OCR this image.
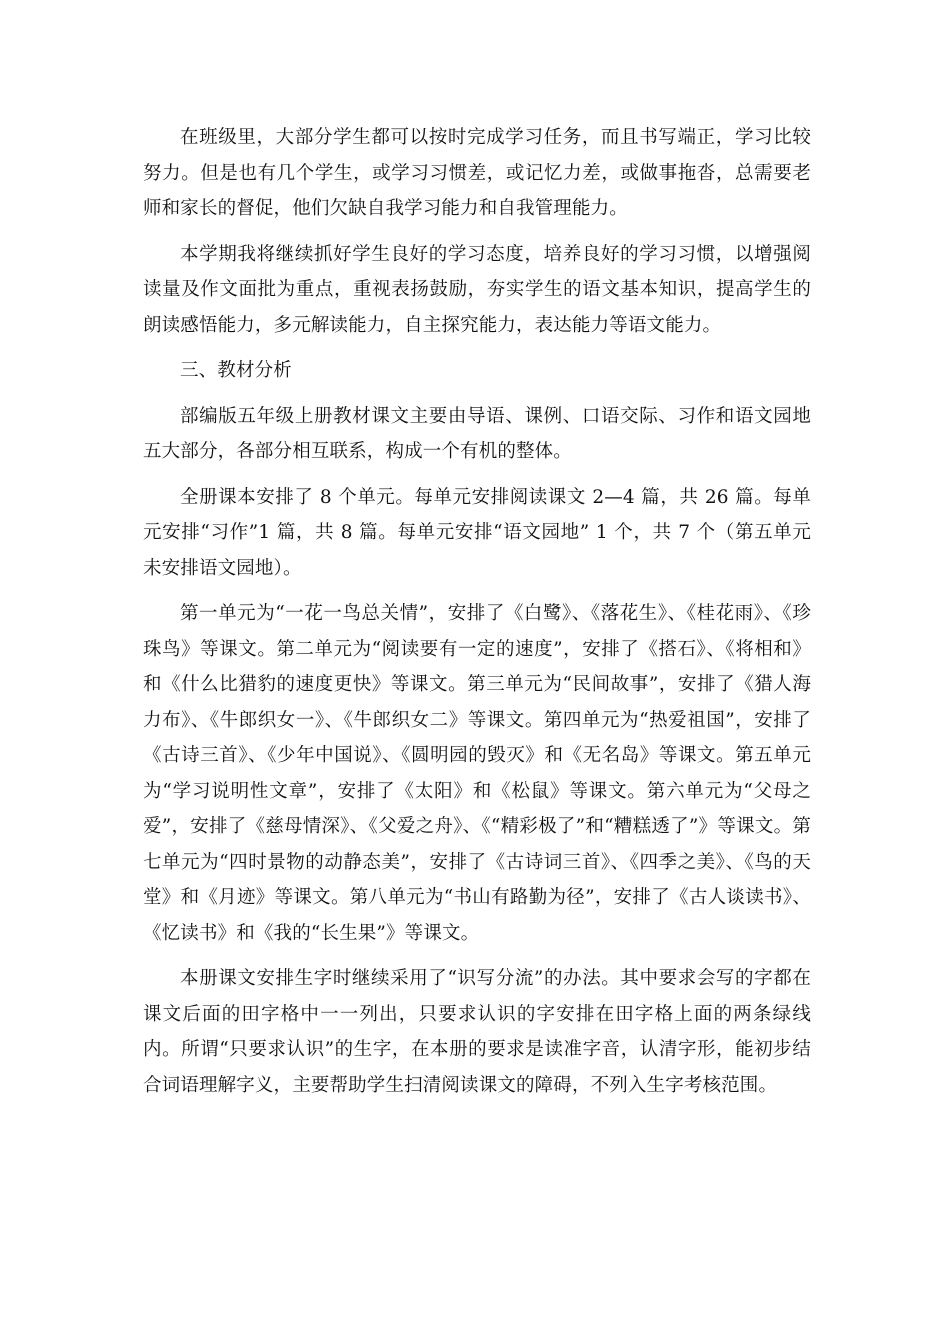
在班级里，大部分学生都可以按时完成学习任务，而且书写端正，学习比较努力。但是也有几个学生，或学习习惯差，或记忆力差，或做事拖沓，总需要老师和家长的督促，他们欠缺自我学习能力和自我管理能力。

本学期我将继续抓好学生良好的学习态度，培养良好的学习习惯，以增强阅读量及作文面批为重点，重视表扬鼓励，夯实学生的语文基本知识，提高学生的朗读感悟能力，多元解读能力，自主探究能力，表达能力等语文能力。

三、教材分析

部编版五年级上册教材课文主要由导语、课例、口语交际、习作和语文园地五大部分，各部分相互联系，构成一个有机的整体。

全册课本安排了 8 个单元。每单元安排阅读课文 2—4 篇，共 26 篇。每单元安排“习作”1 篇，共 8 篇。每单元安排“语文园地” 1 个，共 7 个（第五单元未安排语文园地）。

第一单元为“一花一鸟总关情”，安排了《白鹭》、《落花生》、《桂花雨》、《珍珠鸟》等课文。第二单元为“阅读要有一定的速度”，安排了《搭石》、《将相和》和《什么比猎豹的速度更快》等课文。第三单元为“民间故事”，安排了《猎人海力布》、《牛郎织女一》、《牛郎织女二》等课文。第四单元为“热爱祖国”，安排了《古诗三首》、《少年中国说》、《圆明园的毁灭》和《无名岛》等课文。第五单元为“学习说明性文章”，安排了《太阳》和《松鼠》等课文。第六单元为“父母之爱”，安排了《慈母情深》、《父爱之舟》、《“精彩极了”和“糟糕透了”》等课文。第七单元为“四时景物的动静态美”，安排了《古诗词三首》、《四季之美》、《鸟的天堂》和《月迹》等课文。第八单元为“书山有路勤为径”，安排了《古人谈读书》、《忆读书》和《我的“长生果”》等课文。

本册课文安排生字时继续采用了“识写分流”的办法。其中要求会写的字都在课文后面的田字格中一一列出，只要求认识的字安排在田字格上面的两条绿线内。所谓“只要求认识”的生字，在本册的要求是读准字音，认清字形，能初步结合词语理解字义，主要帮助学生扫清阅读课文的障碍，不列入生字考核范围。
